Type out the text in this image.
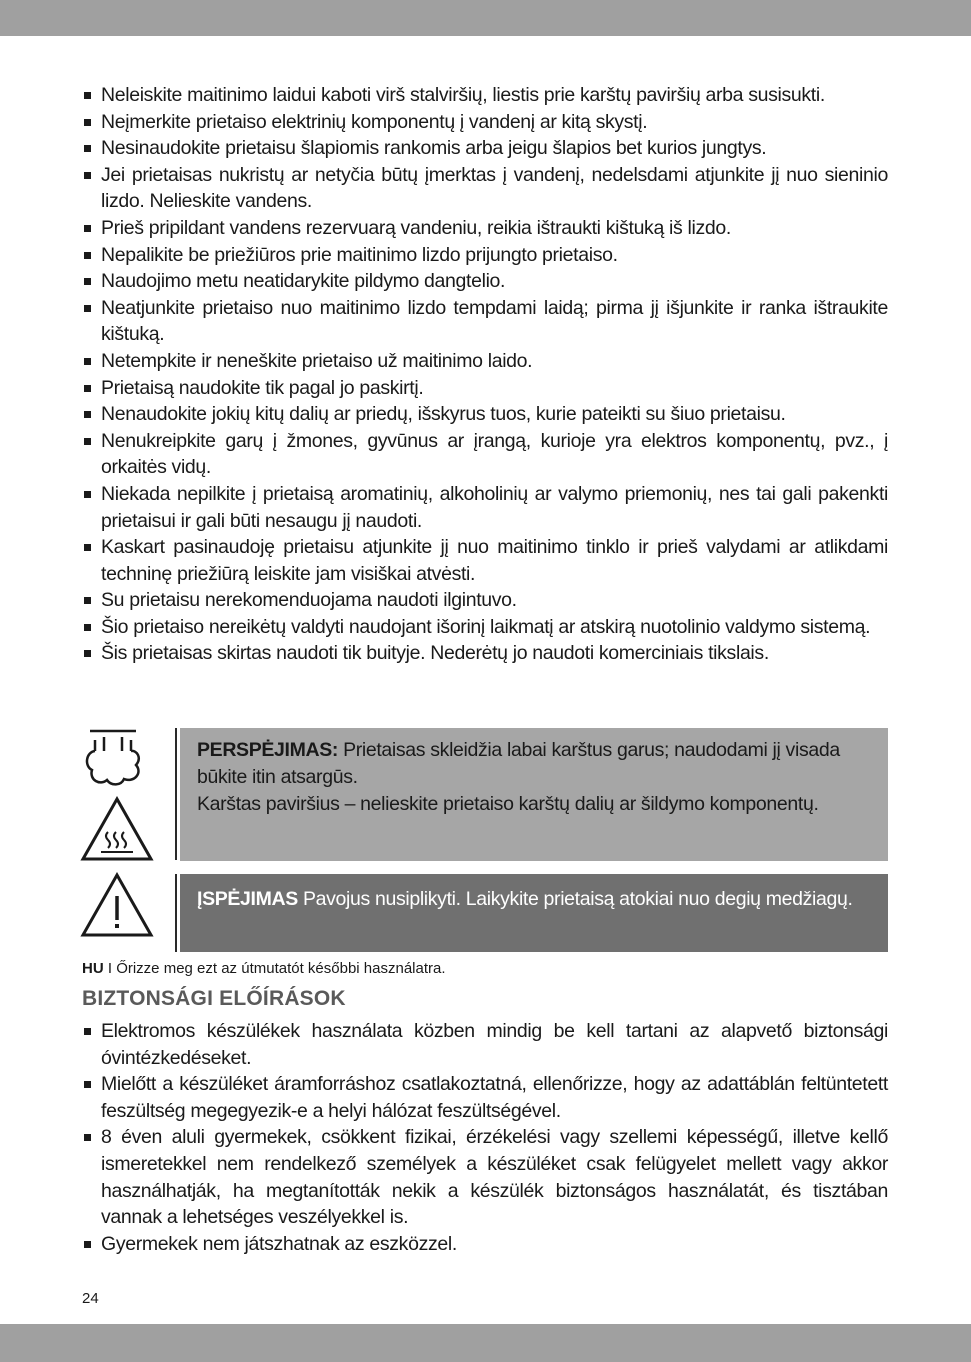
Neleiskite maitinimo laidui kaboti virš stalviršių, liestis prie karštų paviršių arba susisukti.
Neįmerkite prietaiso elektrinių komponentų į vandenį ar kitą skystį.
Nesinaudokite prietaisu šlapiomis rankomis arba jeigu šlapios bet kurios jungtys.
Jei prietaisas nukristų ar netyčia būtų įmerktas į vandenį, nedelsdami atjunkite jį nuo sieninio lizdo. Nelieskite vandens.
Prieš pripildant vandens rezervuarą vandeniu, reikia ištraukti kištuką iš lizdo.
Nepalikite be priežiūros prie maitinimo lizdo prijungto prietaiso.
Naudojimo metu neatidarykite pildymo dangtelio.
Neatjunkite prietaiso nuo maitinimo lizdo tempdami laidą; pirma jį išjunkite ir ranka ištraukite kištuką.
Netempkite ir neneškite prietaiso už maitinimo laido.
Prietaisą naudokite tik pagal jo paskirtį.
Nenaudokite jokių kitų dalių ar priedų, išskyrus tuos, kurie pateikti su šiuo prietaisu.
Nenukreipkite garų į žmones, gyvūnus ar įrangą, kurioje yra elektros komponentų, pvz., į orkaitės vidų.
Niekada nepilkite į prietaisą aromatinių, alkoholinių ar valymo priemonių, nes tai gali pakenkti prietaisui ir gali būti nesaugu jį naudoti.
Kaskart pasinaudoję prietaisu atjunkite jį nuo maitinimo tinklo ir prieš valydami ar atlikdami techninę priežiūrą leiskite jam visiškai atvėsti.
Su prietaisu nerekomenduojama naudoti ilgintuvo.
Šio prietaiso nereikėtų valdyti naudojant išorinį laikmatį ar atskirą nuotolinio valdymo sistemą.
Šis prietaisas skirtas naudoti tik buityje. Nederėtų jo naudoti komerciniais tikslais.

PERSPĖJIMAS: Prietaisas skleidžia labai karštus garus; naudodami jį visada būkite itin atsargūs.

Karštas paviršius – nelieskite prietaiso karštų dalių ar šildymo komponentų.

ĮSPĖJIMAS Pavojus nusiplikyti. Laikykite prietaisą atokiai nuo degių medžiagų.

HU I Őrizze meg ezt az útmutatót későbbi használatra.
BIZTONSÁGI ELŐÍRÁSOK
Elektromos készülékek használata közben mindig be kell tartani az alapvető biztonsági óvintézkedéseket.
Mielőtt a készüléket áramforráshoz csatlakoztatná, ellenőrizze, hogy az adattáblán feltüntetett feszültség megegyezik-e a helyi hálózat feszültségével.
8 éven aluli gyermekek, csökkent fizikai, érzékelési vagy szellemi képességű, illetve kellő ismeretekkel nem rendelkező személyek a készüléket csak felügyelet mellett vagy akkor használhatják, ha megtanították nekik a készülék biztonságos használatát, és tisztában vannak a lehetséges veszélyekkel is.
Gyermekek nem játszhatnak az eszközzel.
24
